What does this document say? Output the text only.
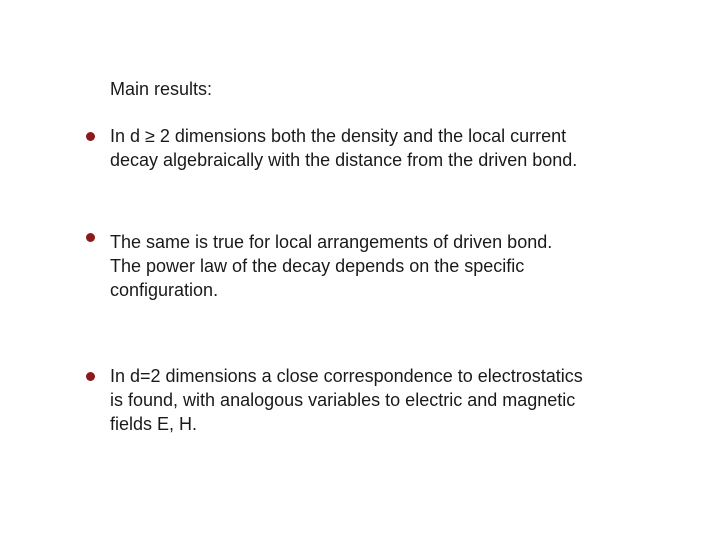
Main results:
In d ≥ 2 dimensions both the density and the local current
decay algebraically with the distance from the driven bond.
The same is true for local arrangements of driven bond.
The power law of the decay depends on the specific
configuration.
In d=2 dimensions a close correspondence to electrostatics
is found, with analogous variables to electric and magnetic
fields E, H.
